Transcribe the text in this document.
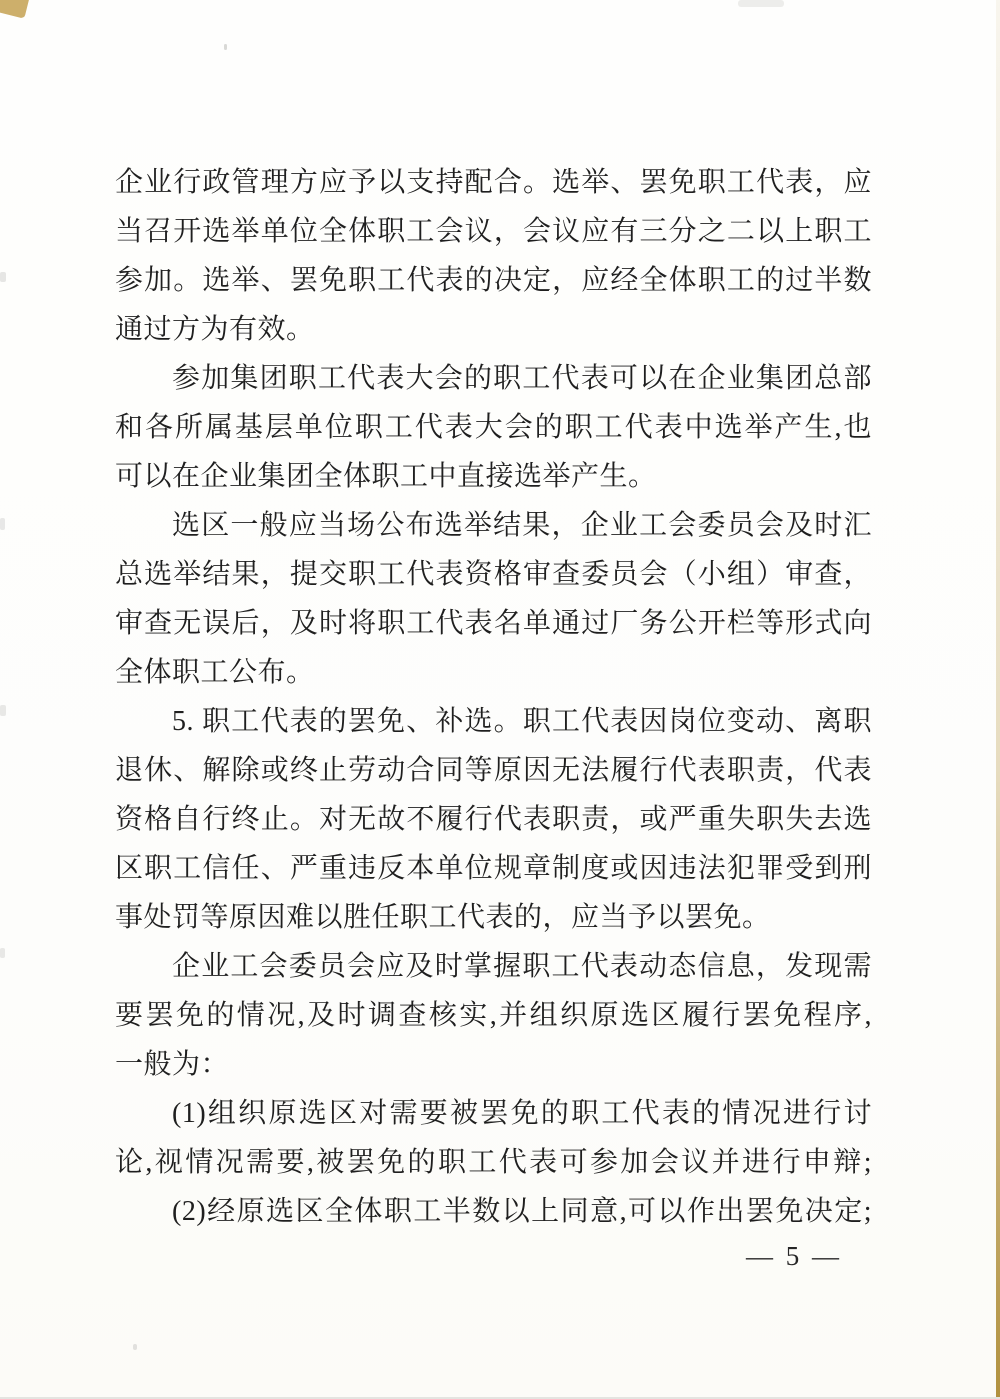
企业行政管理方应予以支持配合。选举、罢免职工代表，应
当召开选举单位全体职工会议，会议应有三分之二以上职工
参加。选举、罢免职工代表的决定，应经全体职工的过半数
通过方为有效。
参加集团职工代表大会的职工代表可以在企业集团总部
和各所属基层单位职工代表大会的职工代表中选举产生,也
可以在企业集团全体职工中直接选举产生。
选区一般应当场公布选举结果，企业工会委员会及时汇
总选举结果，提交职工代表资格审查委员会（小组）审查，
审查无误后，及时将职工代表名单通过厂务公开栏等形式向
全体职工公布。
5. 职工代表的罢免、补选。职工代表因岗位变动、离职
退休、解除或终止劳动合同等原因无法履行代表职责，代表
资格自行终止。对无故不履行代表职责，或严重失职失去选
区职工信任、严重违反本单位规章制度或因违法犯罪受到刑
事处罚等原因难以胜任职工代表的，应当予以罢免。
企业工会委员会应及时掌握职工代表动态信息，发现需
要罢免的情况,及时调查核实,并组织原选区履行罢免程序,
一般为：
(1)组织原选区对需要被罢免的职工代表的情况进行讨
论,视情况需要,被罢免的职工代表可参加会议并进行申辩;
(2)经原选区全体职工半数以上同意,可以作出罢免决定;
— 5 —
